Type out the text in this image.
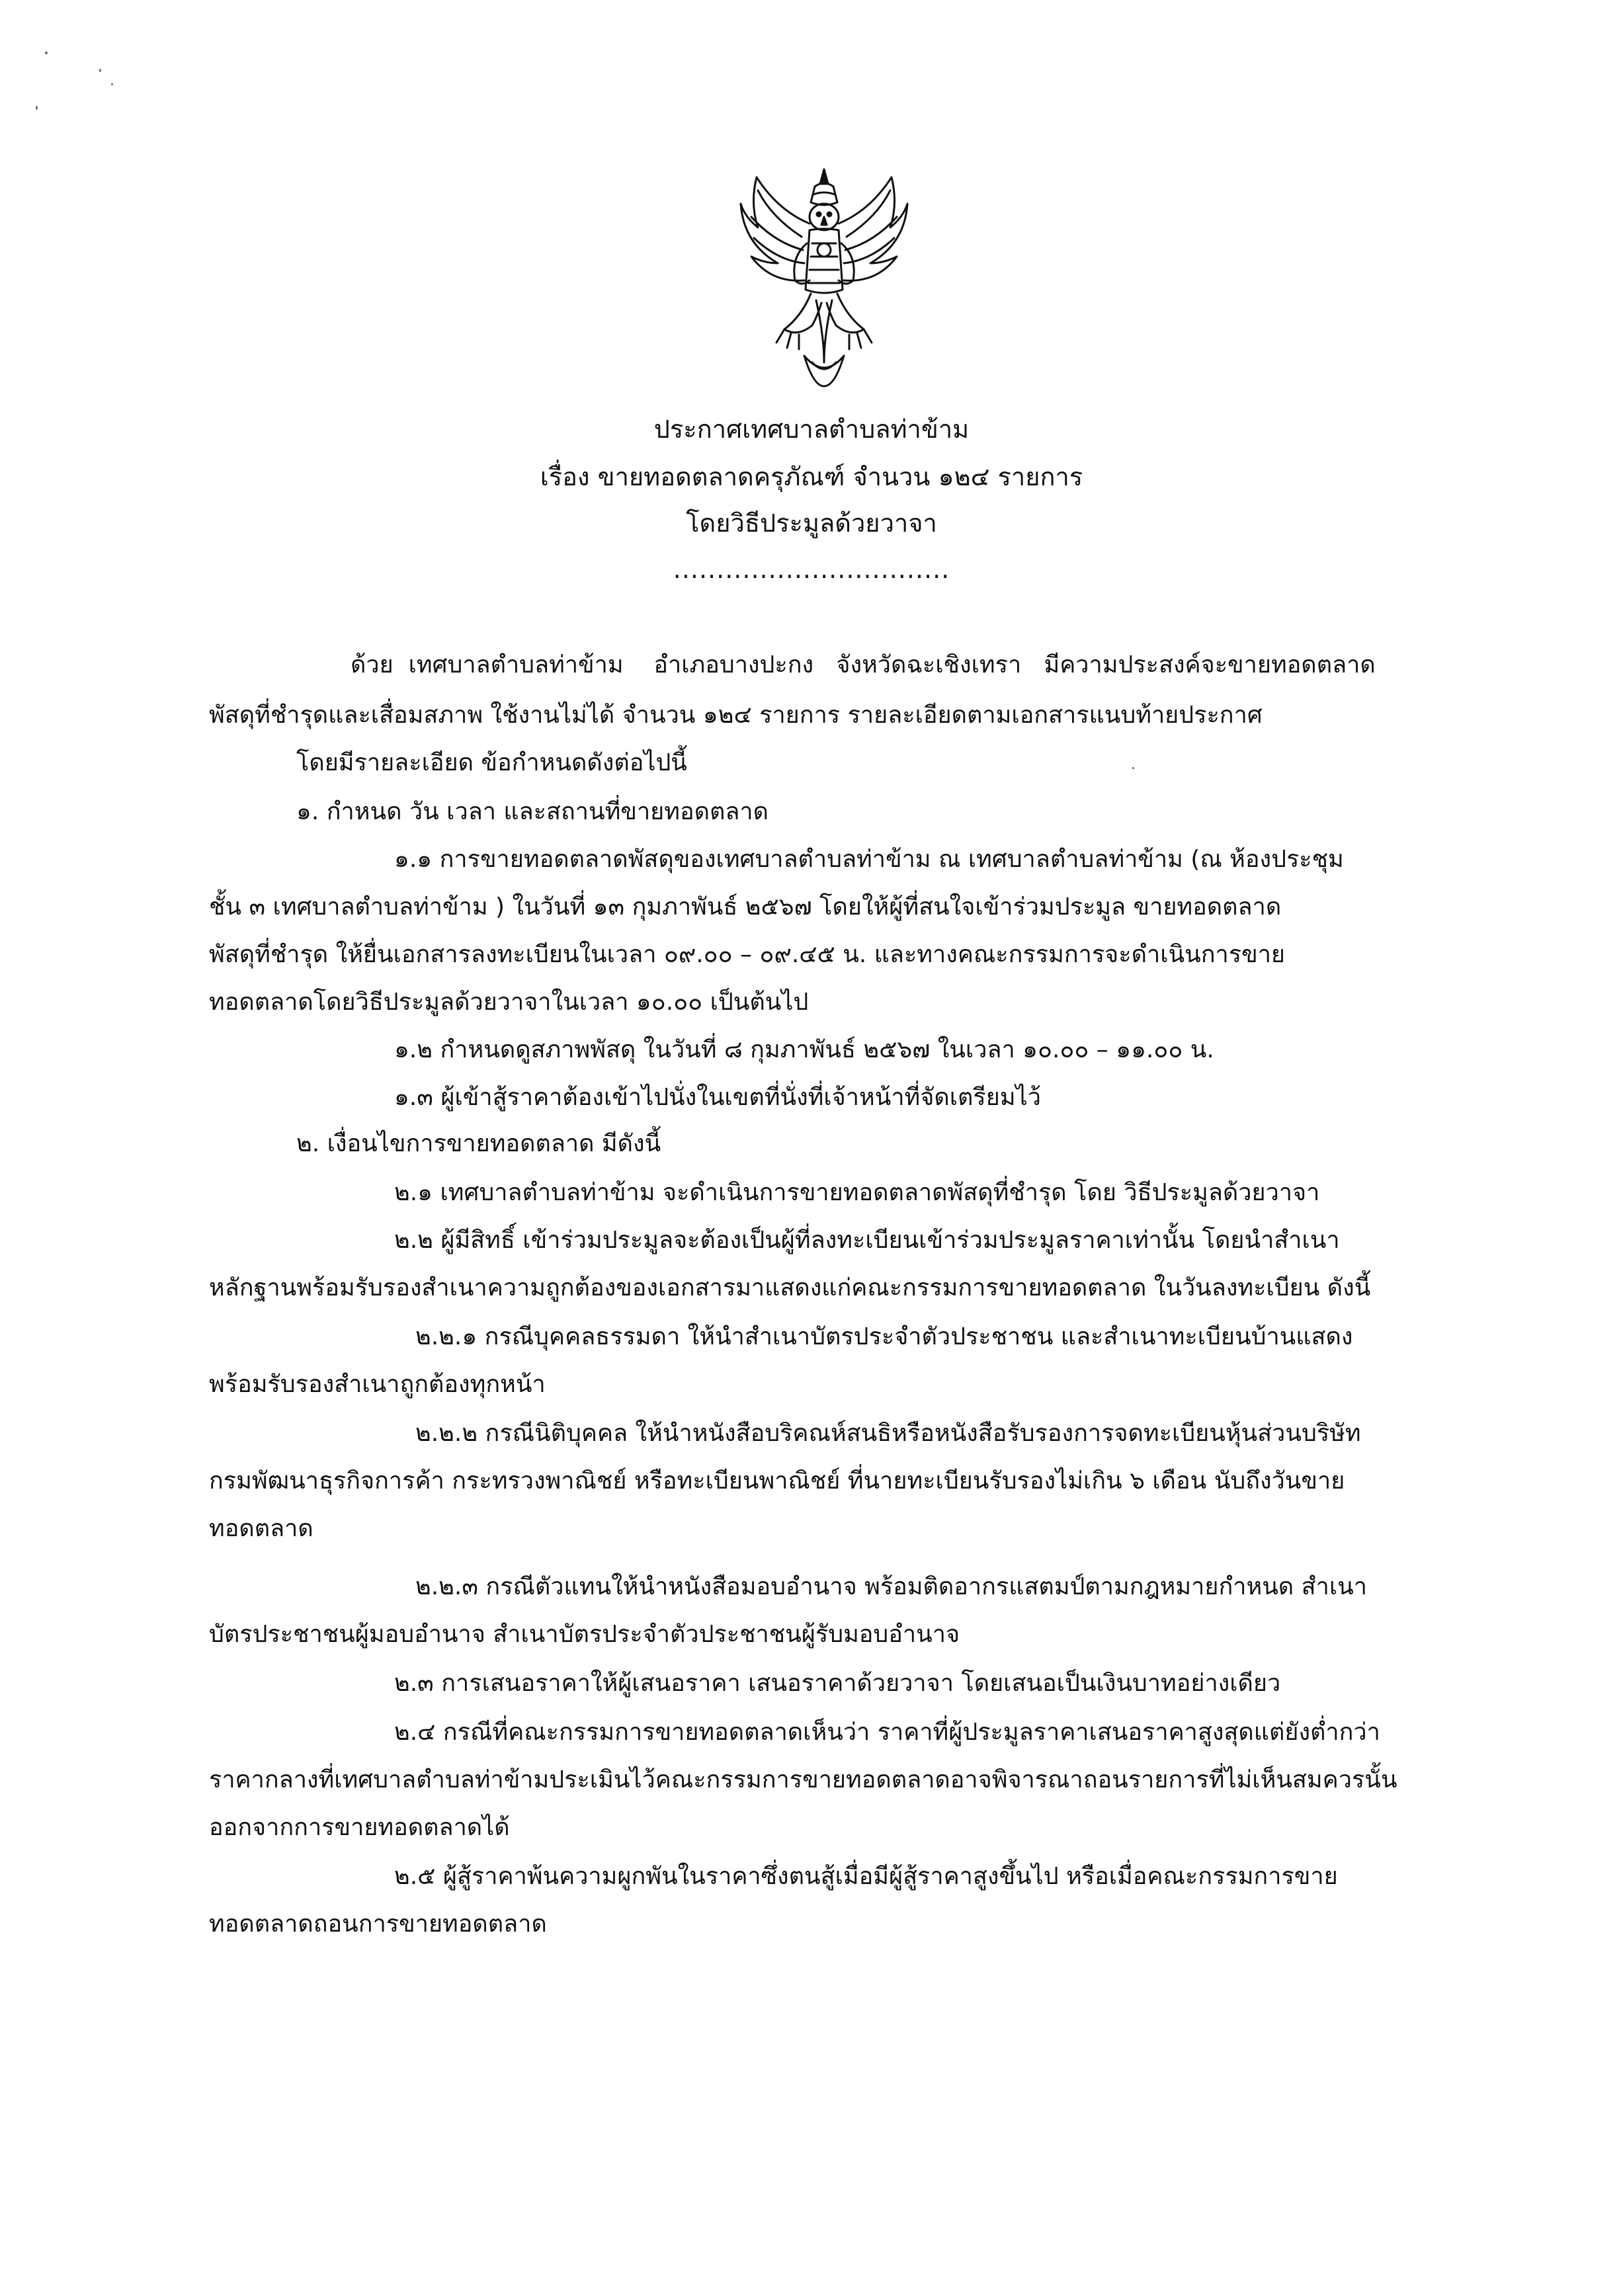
ประกาศเทศบาลตำบลท่าข้าม
เรื่อง ขายทอดตลาดครุภัณฑ์ จำนวน ๑๒๔ รายการ
โดยวิธีประมูลด้วยวาจา
................................
ด้วย  เทศบาลตำบลท่าข้าม    อำเภอบางปะกง   จังหวัดฉะเชิงเทรา   มีความประสงค์จะขายทอดตลาด
พัสดุที่ชำรุดและเสื่อมสภาพ ใช้งานไม่ได้ จำนวน ๑๒๔ รายการ รายละเอียดตามเอกสารแนบท้ายประกาศ
โดยมีรายละเอียด ข้อกำหนดดังต่อไปนี้
๑. กำหนด วัน เวลา และสถานที่ขายทอดตลาด
๑.๑ การขายทอดตลาดพัสดุของเทศบาลตำบลท่าข้าม ณ เทศบาลตำบลท่าข้าม (ณ ห้องประชุม
ชั้น ๓ เทศบาลตำบลท่าข้าม ) ในวันที่ ๑๓ กุมภาพันธ์ ๒๕๖๗ โดยให้ผู้ที่สนใจเข้าร่วมประมูล ขายทอดตลาด
พัสดุที่ชำรุด ให้ยื่นเอกสารลงทะเบียนในเวลา ๐๙.๐๐ – ๐๙.๔๕ น. และทางคณะกรรมการจะดำเนินการขาย
ทอดตลาดโดยวิธีประมูลด้วยวาจาในเวลา ๑๐.๐๐ เป็นต้นไป
๑.๒ กำหนดดูสภาพพัสดุ ในวันที่ ๘ กุมภาพันธ์ ๒๕๖๗ ในเวลา ๑๐.๐๐ – ๑๑.๐๐ น.
๑.๓ ผู้เข้าสู้ราคาต้องเข้าไปนั่งในเขตที่นั่งที่เจ้าหน้าที่จัดเตรียมไว้
๒. เงื่อนไขการขายทอดตลาด มีดังนี้
๒.๑ เทศบาลตำบลท่าข้าม จะดำเนินการขายทอดตลาดพัสดุที่ชำรุด โดย วิธีประมูลด้วยวาจา
๒.๒ ผู้มีสิทธิ์ เข้าร่วมประมูลจะต้องเป็นผู้ที่ลงทะเบียนเข้าร่วมประมูลราคาเท่านั้น โดยนำสำเนา
หลักฐานพร้อมรับรองสำเนาความถูกต้องของเอกสารมาแสดงแก่คณะกรรมการขายทอดตลาด ในวันลงทะเบียน ดังนี้
๒.๒.๑ กรณีบุคคลธรรมดา ให้นำสำเนาบัตรประจำตัวประชาชน และสำเนาทะเบียนบ้านแสดง
พร้อมรับรองสำเนาถูกต้องทุกหน้า
๒.๒.๒ กรณีนิติบุคคล ให้นำหนังสือบริคณห์สนธิหรือหนังสือรับรองการจดทะเบียนหุ้นส่วนบริษัท
กรมพัฒนาธุรกิจการค้า กระทรวงพาณิชย์ หรือทะเบียนพาณิชย์ ที่นายทะเบียนรับรองไม่เกิน ๖ เดือน นับถึงวันขาย
ทอดตลาด
๒.๒.๓ กรณีตัวแทนให้นำหนังสือมอบอำนาจ พร้อมติดอากรแสตมป์ตามกฎหมายกำหนด สำเนา
บัตรประชาชนผู้มอบอำนาจ สำเนาบัตรประจำตัวประชาชนผู้รับมอบอำนาจ
๒.๓ การเสนอราคาให้ผู้เสนอราคา เสนอราคาด้วยวาจา โดยเสนอเป็นเงินบาทอย่างเดียว
๒.๔ กรณีที่คณะกรรมการขายทอดตลาดเห็นว่า ราคาที่ผู้ประมูลราคาเสนอราคาสูงสุดแต่ยังต่ำกว่า
ราคากลางที่เทศบาลตำบลท่าข้ามประเมินไว้คณะกรรมการขายทอดตลาดอาจพิจารณาถอนรายการที่ไม่เห็นสมควรนั้น
ออกจากการขายทอดตลาดได้
๒.๕ ผู้สู้ราคาพ้นความผูกพันในราคาซึ่งตนสู้เมื่อมีผู้สู้ราคาสูงขึ้นไป หรือเมื่อคณะกรรมการขาย
ทอดตลาดถอนการขายทอดตลาด
